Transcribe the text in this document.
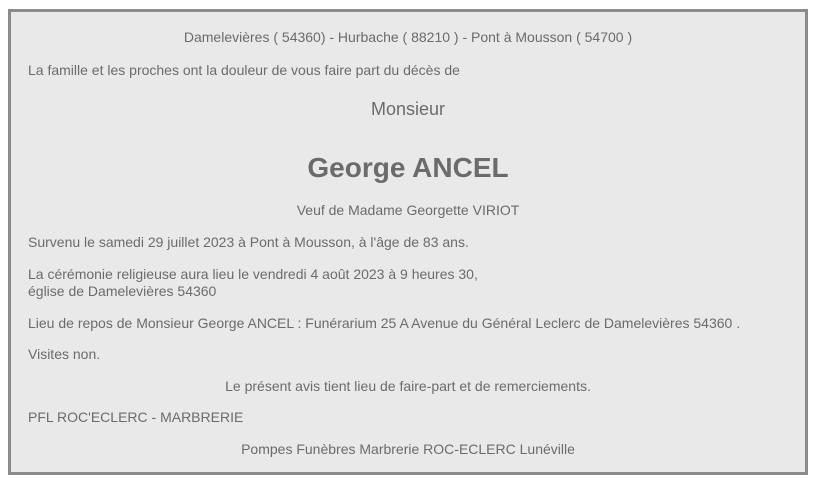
Damelevières ( 54360) - Hurbache ( 88210 ) - Pont à Mousson ( 54700 )
La famille et les proches ont la douleur de vous faire part du décès de
Monsieur
George ANCEL
Veuf de Madame Georgette VIRIOT
Survenu le samedi 29 juillet 2023 à Pont à Mousson, à l'âge de 83 ans.
La cérémonie religieuse aura lieu le vendredi 4 août 2023 à 9 heures 30,
église de Damelevières 54360
Lieu de repos de Monsieur George ANCEL : Funérarium 25 A Avenue du Général Leclerc de Damelevières 54360 .
Visites non.
Le présent avis tient lieu de faire-part et de remerciements.
PFL ROC'ECLERC - MARBRERIE
Pompes Funèbres Marbrerie ROC-ECLERC Lunéville
